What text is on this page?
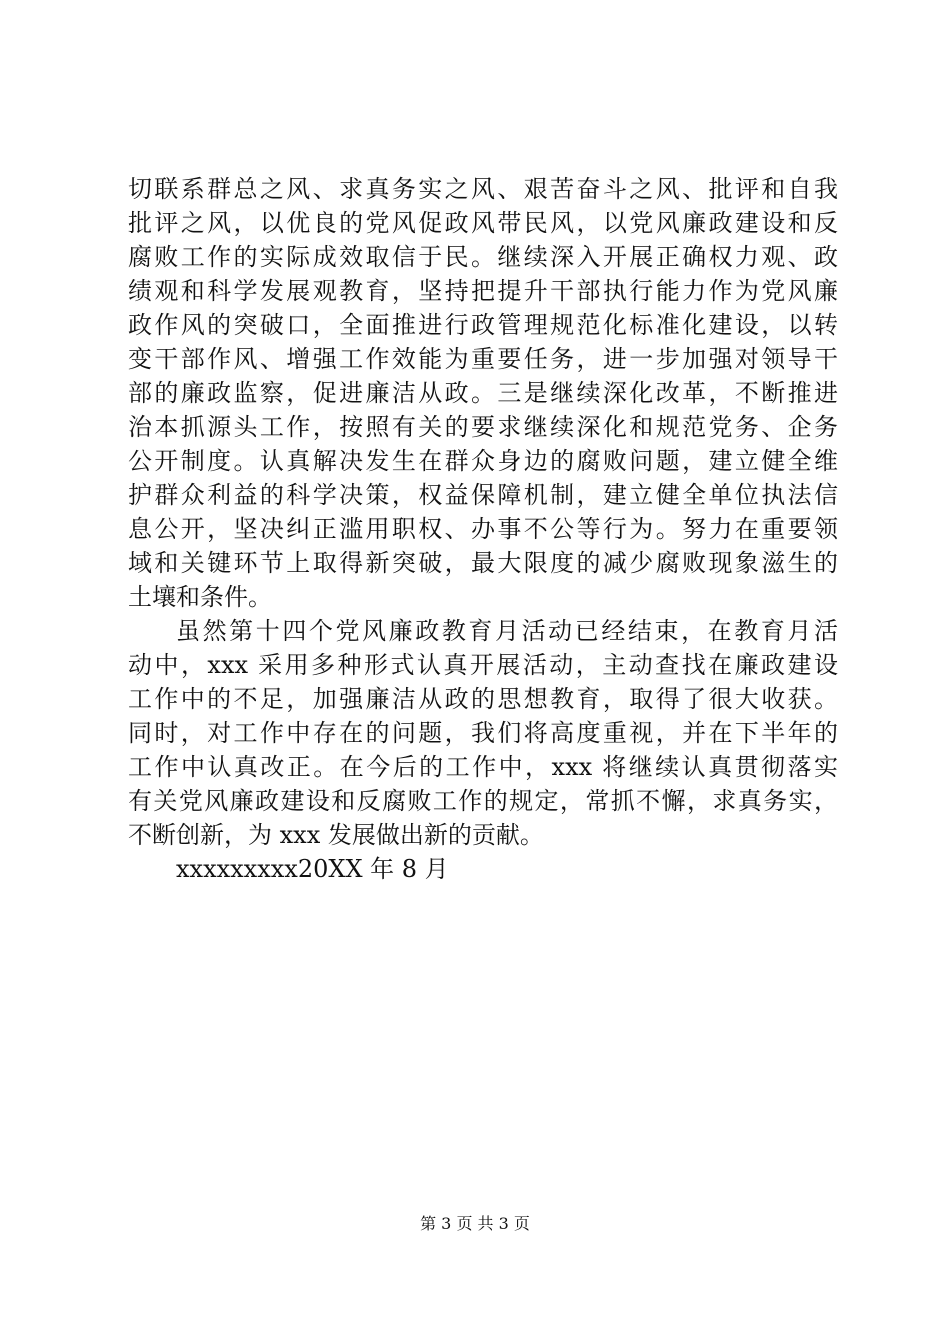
切联系群总之风、求真务实之风、艰苦奋斗之风、批评和自我
批评之风，以优良的党风促政风带民风，以党风廉政建设和反
腐败工作的实际成效取信于民。继续深入开展正确权力观、政
绩观和科学发展观教育，坚持把提升干部执行能力作为党风廉
政作风的突破口，全面推进行政管理规范化标准化建设，以转
变干部作风、增强工作效能为重要任务，进一步加强对领导干
部的廉政监察，促进廉洁从政。三是继续深化改革，不断推进
治本抓源头工作，按照有关的要求继续深化和规范党务、企务
公开制度。认真解决发生在群众身边的腐败问题，建立健全维
护群众利益的科学决策，权益保障机制，建立健全单位执法信
息公开，坚决纠正滥用职权、办事不公等行为。努力在重要领
域和关键环节上取得新突破，最大限度的减少腐败现象滋生的
土壤和条件。
虽然第十四个党风廉政教育月活动已经结束，在教育月活
动中，xxx 采用多种形式认真开展活动，主动查找在廉政建设
工作中的不足，加强廉洁从政的思想教育，取得了很大收获。
同时，对工作中存在的问题，我们将高度重视，并在下半年的
工作中认真改正。在今后的工作中，xxx 将继续认真贯彻落实
有关党风廉政建设和反腐败工作的规定，常抓不懈，求真务实，
不断创新，为 xxx 发展做出新的贡献。
xxxxxxxxx20XX 年 8 月
第 3 页 共 3 页
